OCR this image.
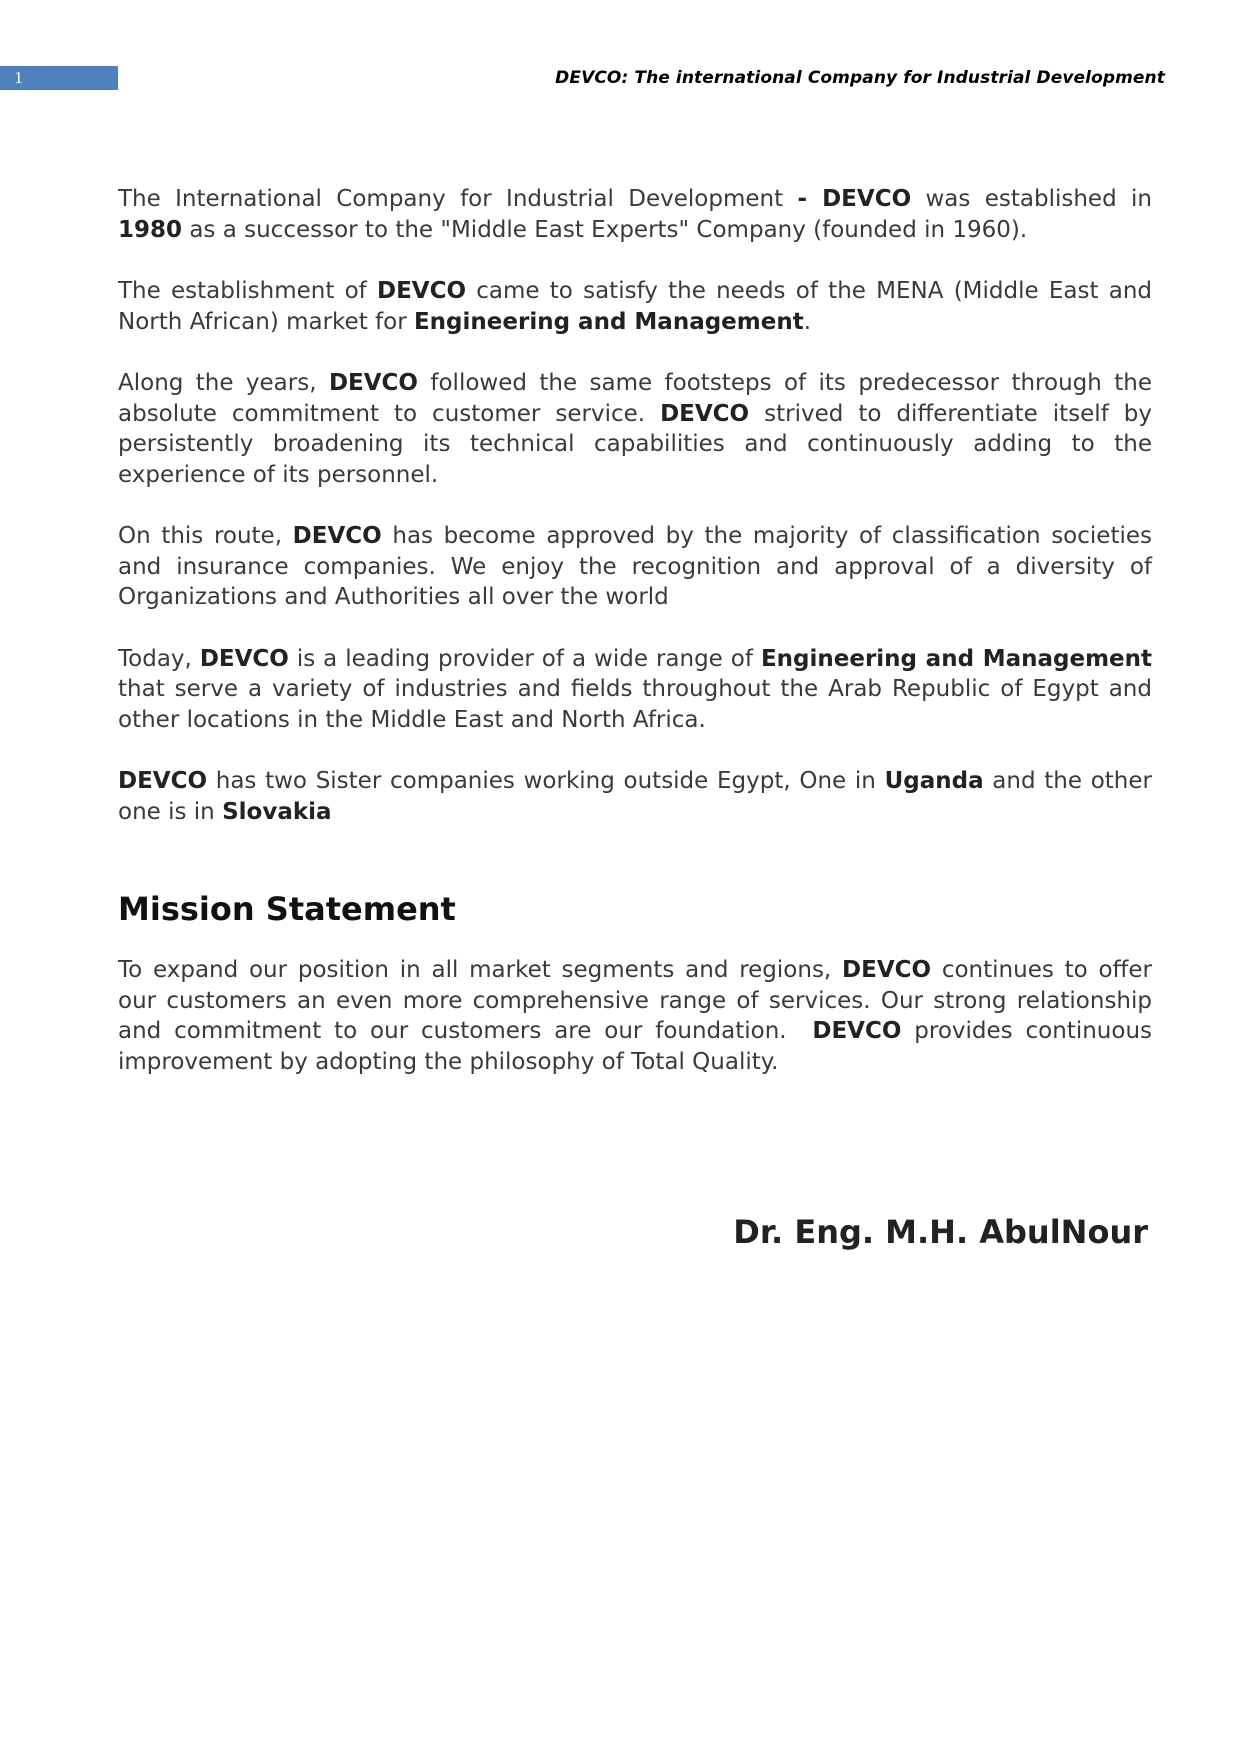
1	DEVCO: The international Company for Industrial Development

The International Company for Industrial Development - DEVCO was established in 1980 as a successor to the "Middle East Experts" Company (founded in 1960).

The establishment of DEVCO came to satisfy the needs of the MENA (Middle East and North African) market for Engineering and Management.

Along the years, DEVCO followed the same footsteps of its predecessor through the absolute commitment to customer service. DEVCO strived to differentiate itself by persistently broadening its technical capabilities and continuously adding to the experience of its personnel.

On this route, DEVCO has become approved by the majority of classification societies and insurance companies. We enjoy the recognition and approval of a diversity of Organizations and Authorities all over the world

Today, DEVCO is a leading provider of a wide range of Engineering and Management that serve a variety of industries and fields throughout the Arab Republic of Egypt and other locations in the Middle East and North Africa.

DEVCO has two Sister companies working outside Egypt, One in Uganda and the other one is in Slovakia

Mission Statement

To expand our position in all market segments and regions, DEVCO continues to offer our customers an even more comprehensive range of services. Our strong relationship and commitment to our customers are our foundation.  DEVCO provides continuous improvement by adopting the philosophy of Total Quality.

Dr. Eng. M.H. AbulNour
